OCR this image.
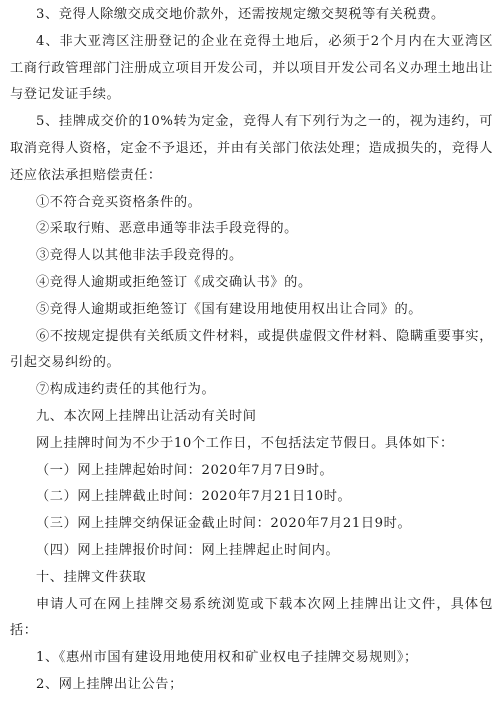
3、竞得人除缴交成交地价款外，还需按规定缴交契税等有关税费。

4、非大亚湾区注册登记的企业在竞得土地后，必须于2个月内在大亚湾区工商行政管理部门注册成立项目开发公司，并以项目开发公司名义办理土地出让与登记发证手续。

5、挂牌成交价的10%转为定金，竞得人有下列行为之一的，视为违约，可取消竞得人资格，定金不予退还，并由有关部门依法处理；造成损失的，竞得人还应依法承担赔偿责任：

①不符合竞买资格条件的。

②采取行贿、恶意串通等非法手段竞得的。

③竞得人以其他非法手段竞得的。

④竞得人逾期或拒绝签订《成交确认书》的。

⑤竞得人逾期或拒绝签订《国有建设用地使用权出让合同》的。

⑥不按规定提供有关纸质文件材料，或提供虚假文件材料、隐瞒重要事实，引起交易纠纷的。

⑦构成违约责任的其他行为。

九、本次网上挂牌出让活动有关时间

网上挂牌时间为不少于10个工作日，不包括法定节假日。具体如下：

（一）网上挂牌起始时间：2020年7月7日9时。

（二）网上挂牌截止时间：2020年7月21日10时。

（三）网上挂牌交纳保证金截止时间：2020年7月21日9时。

（四）网上挂牌报价时间：网上挂牌起止时间内。

十、挂牌文件获取

申请人可在网上挂牌交易系统浏览或下载本次网上挂牌出让文件，具体包括：

1、《惠州市国有建设用地使用权和矿业权电子挂牌交易规则》；

2、网上挂牌出让公告；
